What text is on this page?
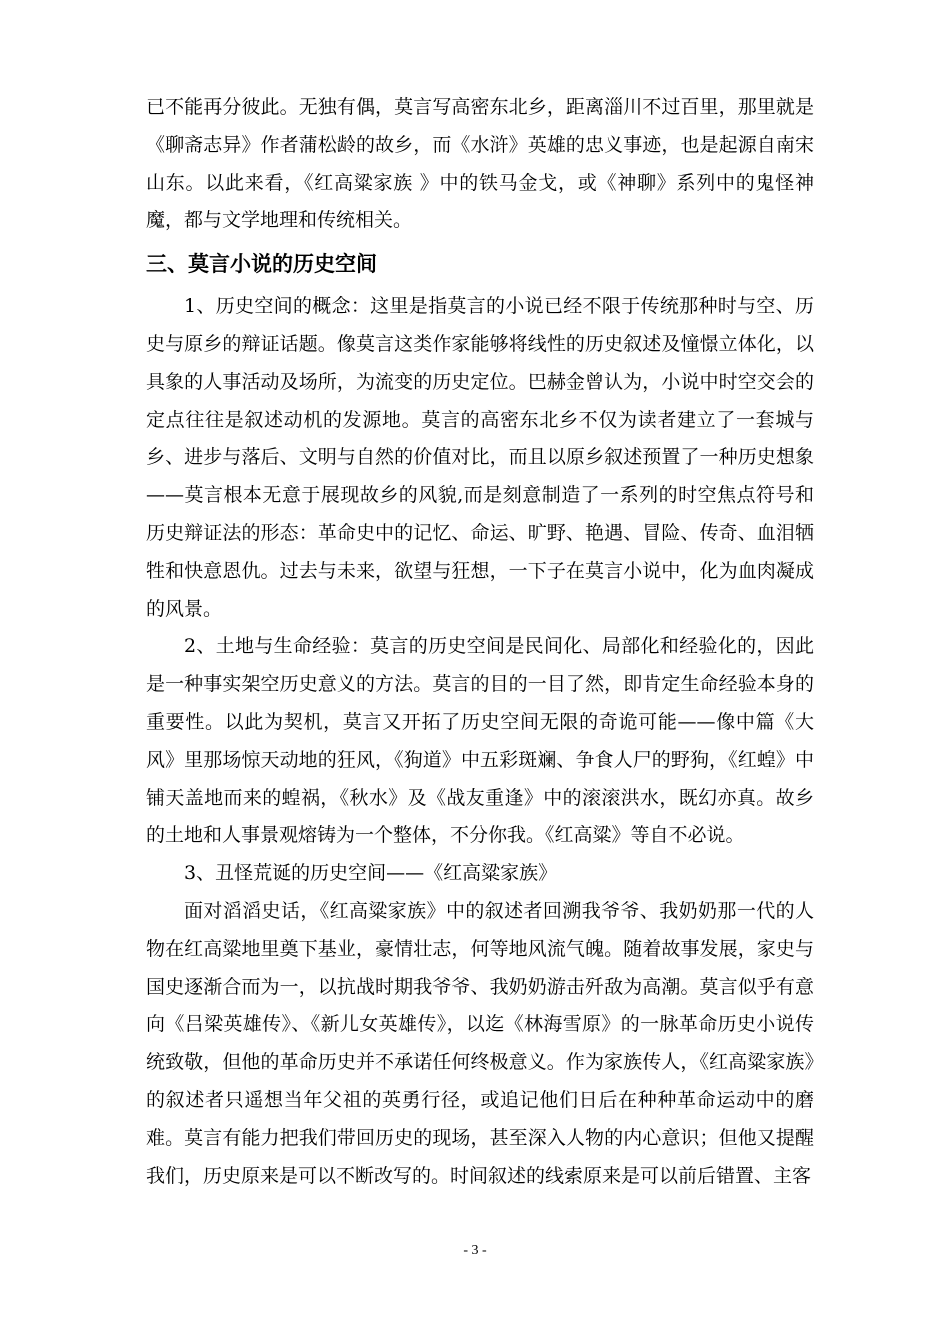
已不能再分彼此。无独有偶，莫言写高密东北乡，距离淄川不过百里，那里就是《聊斋志异》作者蒲松龄的故乡，而《水浒》英雄的忠义事迹，也是起源自南宋山东。以此来看，《红高粱家族 》中的铁马金戈，或《神聊》系列中的鬼怪神魔，都与文学地理和传统相关。

三、莫言小说的历史空间

1、历史空间的概念：这里是指莫言的小说已经不限于传统那种时与空、历史与原乡的辩证话题。像莫言这类作家能够将线性的历史叙述及憧憬立体化，以具象的人事活动及场所，为流变的历史定位。巴赫金曾认为，小说中时空交会的定点往往是叙述动机的发源地。莫言的高密东北乡不仅为读者建立了一套城与乡、进步与落后、文明与自然的价值对比，而且以原乡叙述预置了一种历史想象——莫言根本无意于展现故乡的风貌,而是刻意制造了一系列的时空焦点符号和历史辩证法的形态：革命史中的记忆、命运、旷野、艳遇、冒险、传奇、血泪牺牲和快意恩仇。过去与未来，欲望与狂想，一下子在莫言小说中，化为血肉凝成的风景。

2、土地与生命经验：莫言的历史空间是民间化、局部化和经验化的，因此是一种事实架空历史意义的方法。莫言的目的一目了然，即肯定生命经验本身的重要性。以此为契机，莫言又开拓了历史空间无限的奇诡可能——像中篇《大风》里那场惊天动地的狂风，《狗道》中五彩斑斓、争食人尸的野狗，《红蝗》中铺天盖地而来的蝗祸，《秋水》及《战友重逢》中的滚滚洪水，既幻亦真。故乡的土地和人事景观熔铸为一个整体，不分你我。《红高粱》等自不必说。

3、丑怪荒诞的历史空间——《红高粱家族》

面对滔滔史话，《红高粱家族》中的叙述者回溯我爷爷、我奶奶那一代的人物在红高粱地里奠下基业，豪情壮志，何等地风流气魄。随着故事发展，家史与国史逐渐合而为一，以抗战时期我爷爷、我奶奶游击歼敌为高潮。莫言似乎有意向《吕梁英雄传》、《新儿女英雄传》，以迄《林海雪原》的一脉革命历史小说传统致敬，但他的革命历史并不承诺任何终极意义。作为家族传人，《红高粱家族》的叙述者只遥想当年父祖的英勇行径，或追记他们日后在种种革命运动中的磨难。莫言有能力把我们带回历史的现场，甚至深入人物的内心意识；但他又提醒我们，历史原来是可以不断改写的。时间叙述的线索原来是可以前后错置、主客

- 3 -
